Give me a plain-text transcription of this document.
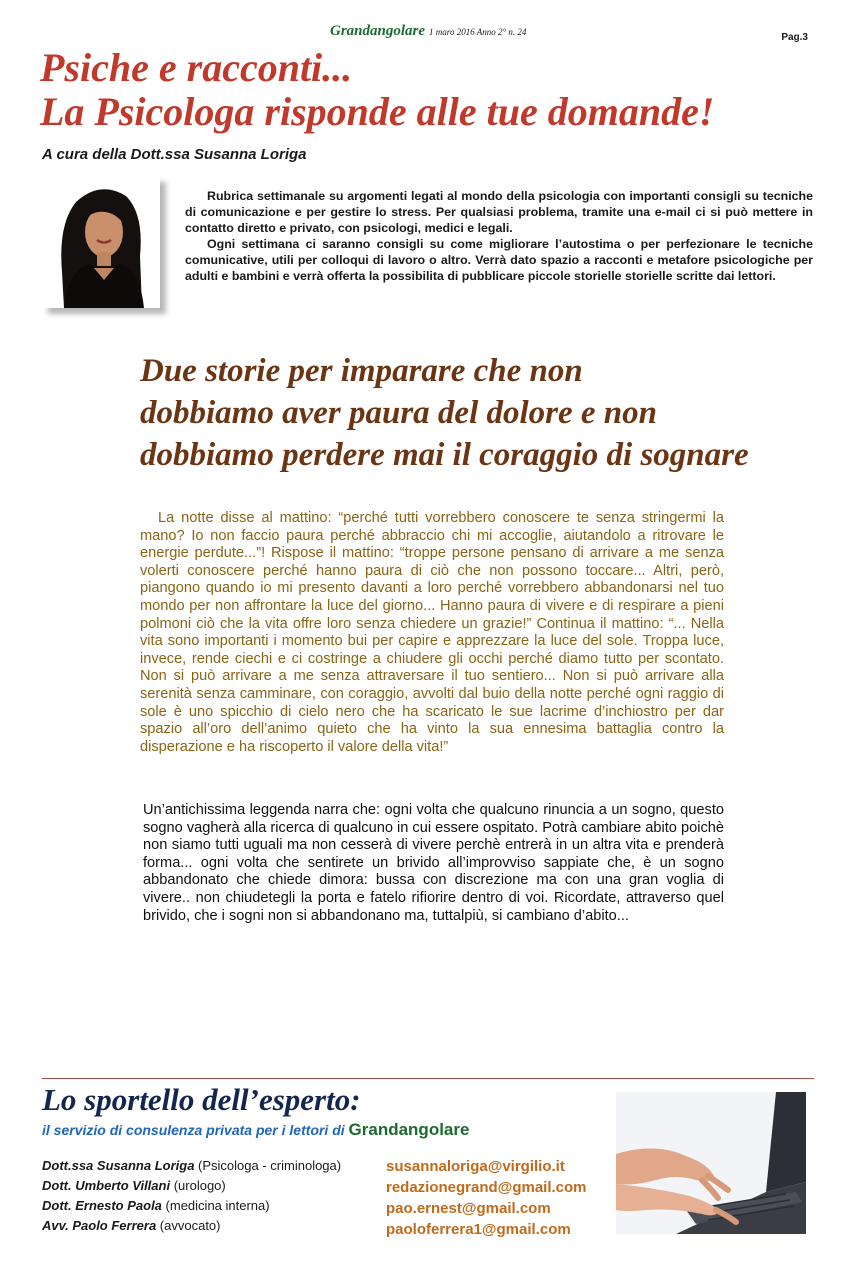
Grandangolare 1 maro 2016 Anno 2° n. 24	Pag.3
Psiche e racconti...
La Psicologa risponde alle tue domande!
A cura della Dott.ssa Susanna Loriga

Rubrica settimanale su argomenti legati al mondo della psicologia con importanti consigli su tecniche di comunicazione e per gestire lo stress. Per qualsiasi problema, tramite una e-mail ci si può mettere in contatto diretto e privato, con psicologi, medici e legali.

Ogni settimana ci saranno consigli su come migliorare l’autostima o per perfezionare le tecniche comunicative, utili per colloqui di lavoro o altro. Verrà dato spazio a racconti e metafore psicologiche per adulti e bambini e verrà offerta la possibilita di pubblicare piccole storielle storielle scritte dai lettori.

Due storie per imparare che non
dobbiamo aver paura del dolore e non
dobbiamo perdere mai il coraggio di sognare

La notte disse al mattino: “perché tutti vorrebbero conoscere te senza stringermi la mano? Io non faccio paura perché abbraccio chi mi accoglie, aiutandolo a ritrovare le energie perdute...”! Rispose il mattino: “troppe persone pensano di arrivare a me senza volerti conoscere perché hanno paura di ciò che non possono toccare... Altri, però, piangono quando io mi presento davanti a loro perché vorrebbero abbandonarsi nel tuo mondo per non affrontare la luce del giorno... Hanno paura di vivere e di respirare a pieni polmoni ciò che la vita offre loro senza chiedere un grazie!” Continua il mattino: “... Nella vita sono importanti i momento bui per capire e apprezzare la luce del sole. Troppa luce, invece, rende ciechi e ci costringe a chiudere gli occhi perché diamo tutto per scontato. Non si può arrivare a me senza attraversare il tuo sentiero... Non si può arrivare alla serenità senza camminare, con coraggio, avvolti dal buio della notte perché ogni raggio di sole è uno spicchio di cielo nero che ha scaricato le sue lacrime d’inchiostro per dar spazio all’oro dell’animo quieto che ha vinto la sua ennesima battaglia contro la disperazione e ha riscoperto il valore della vita!”

Un’antichissima leggenda narra che: ogni volta che qualcuno rinuncia a un sogno, questo sogno vagherà alla ricerca di qualcuno in cui essere ospitato. Potrà cambiare abito poichè non siamo tutti uguali ma non cesserà di vivere perchè entrerà in un altra vita e prenderà forma... ogni volta che sentirete un brivido all’improvviso sappiate che, è un sogno abbandonato che chiede dimora: bussa con discrezione ma con una gran voglia di vivere.. non chiudetegli la porta e fatelo rifiorire dentro di voi. Ricordate, attraverso quel brivido, che i sogni non si abbandonano ma, tuttalpiù, si cambiano d’abito...

Lo sportello dell’esperto:
il servizio di consulenza privata per i lettori di Grandangolare
Dott.ssa Susanna Loriga (Psicologa - criminologa)
Dott. Umberto Villani (urologo)
Dott. Ernesto Paola (medicina interna)
Avv. Paolo Ferrera (avvocato)
susannaloriga@virgilio.it
redazionegrand@gmail.com
pao.ernest@gmail.com
paoloferrera1@gmail.com
